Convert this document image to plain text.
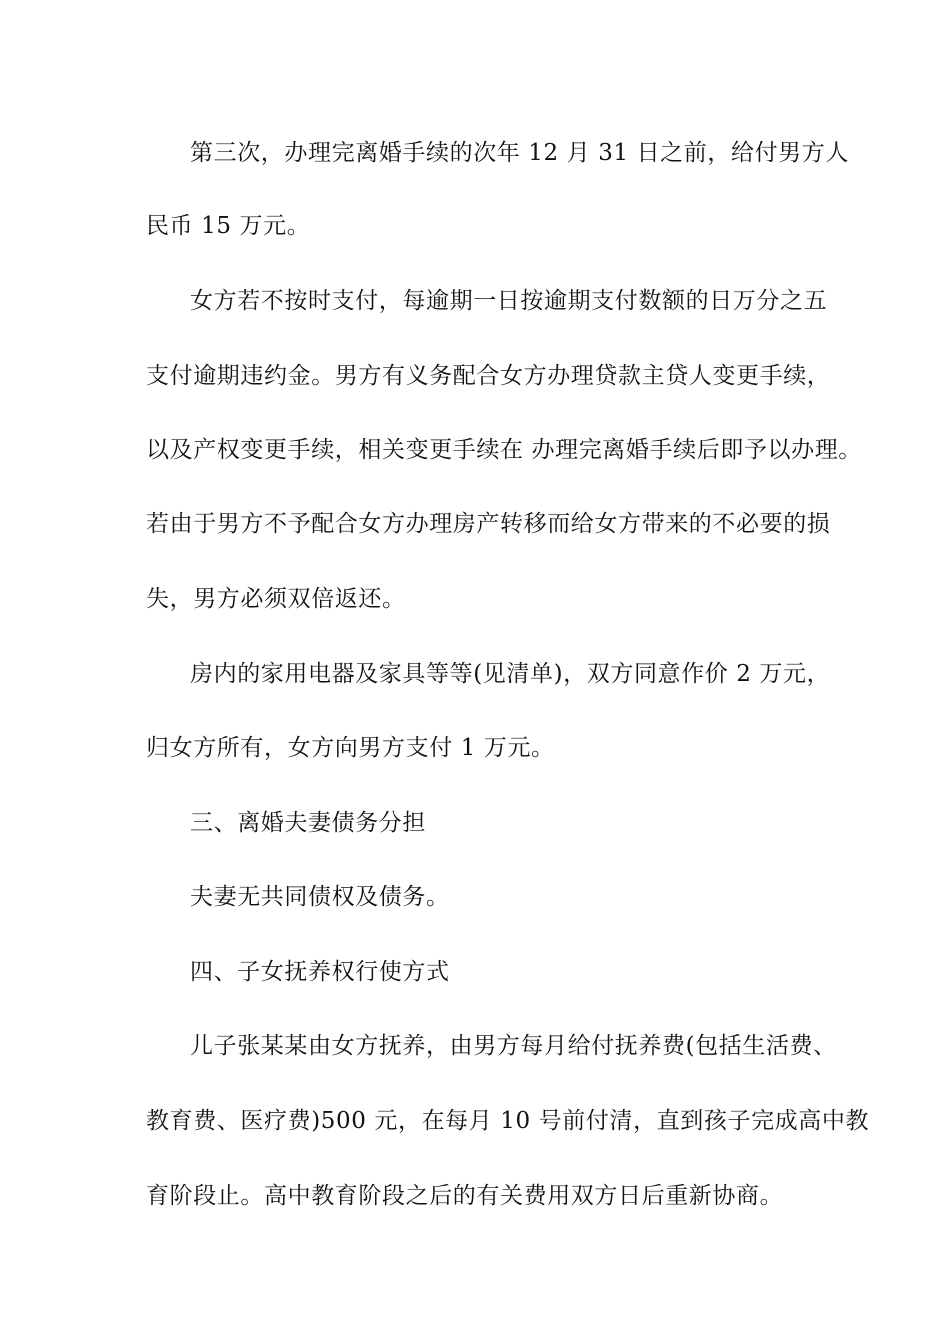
第三次，办理完离婚手续的次年 12 月 31 日之前，给付男方人

民币 15 万元。

女方若不按时支付，每逾期一日按逾期支付数额的日万分之五

支付逾期违约金。男方有义务配合女方办理贷款主贷人变更手续，

以及产权变更手续，相关变更手续在 办理完离婚手续后即予以办理。

若由于男方不予配合女方办理房产转移而给女方带来的不必要的损

失，男方必须双倍返还。

房内的家用电器及家具等等(见清单)，双方同意作价 2 万元，

归女方所有，女方向男方支付 1 万元。

三、离婚夫妻债务分担

夫妻无共同债权及债务。

四、子女抚养权行使方式

儿子张某某由女方抚养，由男方每月给付抚养费(包括生活费、

教育费、医疗费)500 元，在每月 10 号前付清，直到孩子完成高中教

育阶段止。高中教育阶段之后的有关费用双方日后重新协商。
